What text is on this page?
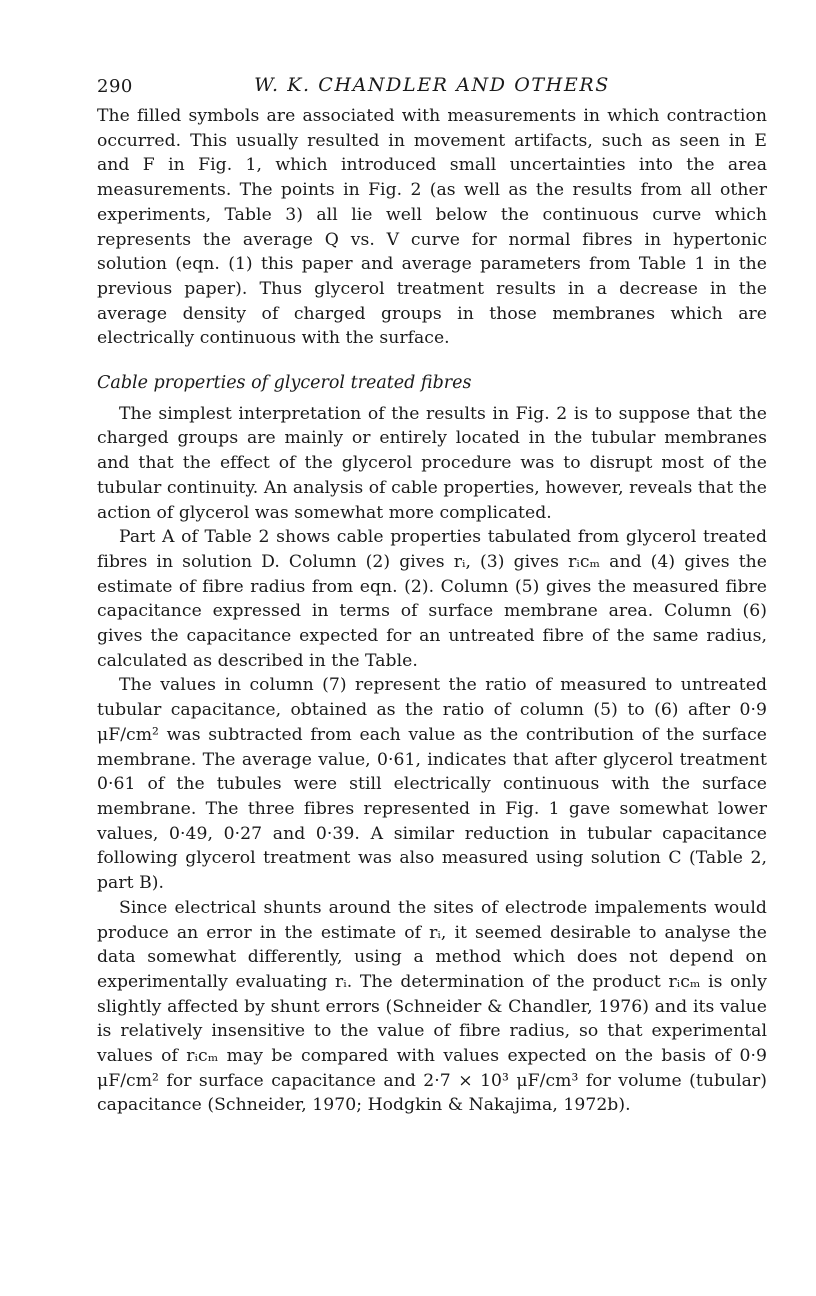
290	W. K. CHANDLER AND OTHERS

The filled symbols are associated with measurements in which contraction occurred. This usually resulted in movement artifacts, such as seen in E and F in Fig. 1, which introduced small uncertainties into the area measurements. The points in Fig. 2 (as well as the results from all other experiments, Table 3) all lie well below the continuous curve which represents the average Q vs. V curve for normal fibres in hypertonic solution (eqn. (1) this paper and average parameters from Table 1 in the previous paper). Thus glycerol treatment results in a decrease in the average density of charged groups in those membranes which are electrically continuous with the surface.

Cable properties of glycerol treated fibres

The simplest interpretation of the results in Fig. 2 is to suppose that the charged groups are mainly or entirely located in the tubular membranes and that the effect of the glycerol procedure was to disrupt most of the tubular continuity. An analysis of cable properties, however, reveals that the action of glycerol was somewhat more complicated.

Part A of Table 2 shows cable properties tabulated from glycerol treated fibres in solution D. Column (2) gives rᵢ, (3) gives rᵢcₘ and (4) gives the estimate of fibre radius from eqn. (2). Column (5) gives the measured fibre capacitance expressed in terms of surface membrane area. Column (6) gives the capacitance expected for an untreated fibre of the same radius, calculated as described in the Table.

The values in column (7) represent the ratio of measured to untreated tubular capacitance, obtained as the ratio of column (5) to (6) after 0·9 μF/cm² was subtracted from each value as the contribution of the surface membrane. The average value, 0·61, indicates that after glycerol treatment 0·61 of the tubules were still electrically continuous with the surface membrane. The three fibres represented in Fig. 1 gave somewhat lower values, 0·49, 0·27 and 0·39. A similar reduction in tubular capacitance following glycerol treatment was also measured using solution C (Table 2, part B).

Since electrical shunts around the sites of electrode impalements would produce an error in the estimate of rᵢ, it seemed desirable to analyse the data somewhat differently, using a method which does not depend on experimentally evaluating rᵢ. The determination of the product rᵢcₘ is only slightly affected by shunt errors (Schneider & Chandler, 1976) and its value is relatively insensitive to the value of fibre radius, so that experimental values of rᵢcₘ may be compared with values expected on the basis of 0·9 μF/cm² for surface capacitance and 2·7 × 10³ μF/cm³ for volume (tubular) capacitance (Schneider, 1970; Hodgkin & Nakajima, 1972b).
